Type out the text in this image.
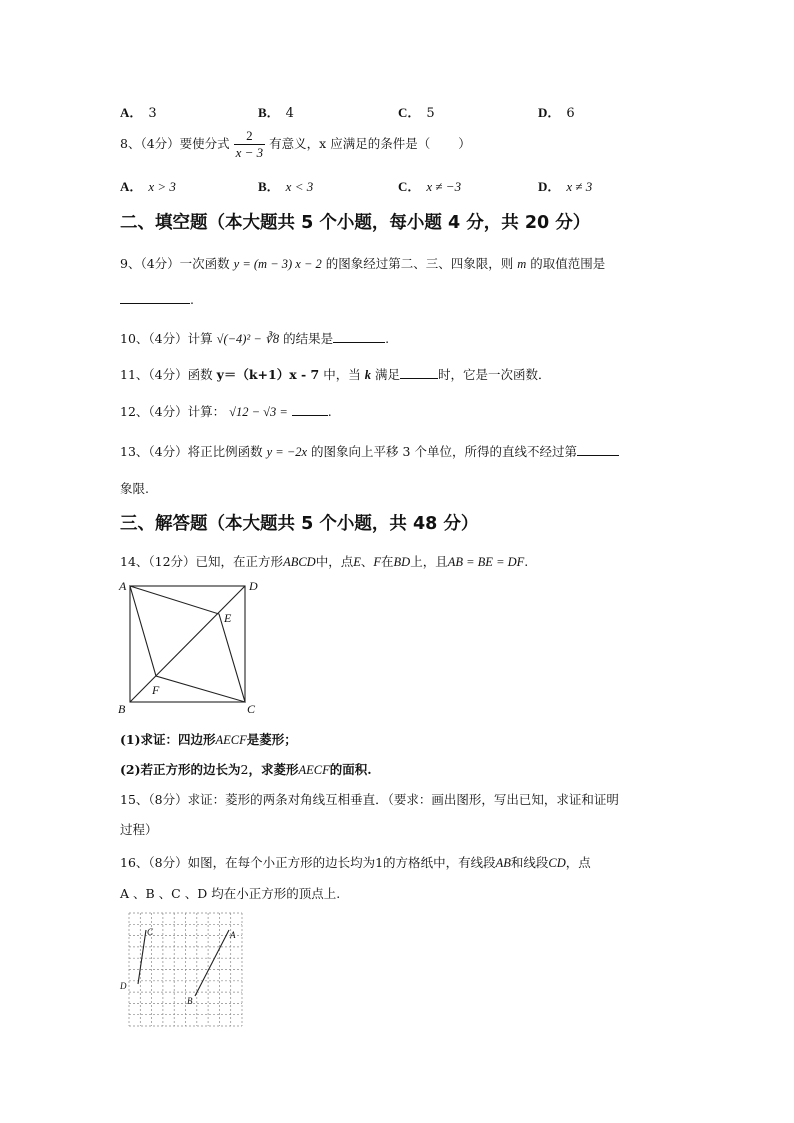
A． 3	B． 4	C． 5	D． 6
8、（4分）要使分式 $\frac{2}{x - 3}$ 有意义，x 应满足的条件是（ ）
A． x > 3	B． x < 3	C． x ≠ −3	D． x ≠ 3
二、填空题（本大题共 5 个小题，每小题 4 分，共 20 分）
9、（4分）一次函数 y = (m − 3) x − 2 的图象经过第二、三、四象限，则 m 的取值范围是
.
10、（4分）计算 √(−4)² − ∛8 的结果是	.
11、（4分）函数 y＝（k+1）x - 7 中，当 k 满足	时，它是一次函数．
12、（4分）计算： √12 − √3 =	.
13、（4分）将正比例函数 y = −2x 的图象向上平移 3 个单位，所得的直线不经过第
象限.
三、解答题（本大题共 5 个小题，共 48 分）
14、（12分）已知，在正方形ABCD中，点E、F在BD上，且AB = BE = DF.
A	D
E
F
B	C
(1)求证：四边形AECF是菱形；
(2)若正方形的边长为2，求菱形AECF的面积.
15、（8分）求证：菱形的两条对角线互相垂直．（要求：画出图形，写出已知，求证和证明
过程）
16、（8分）如图，在每个小正方形的边长均为1的方格纸中，有线段AB和线段CD，点
A 、B 、C 、D 均在小正方形的顶点上.
C	A
D
B
